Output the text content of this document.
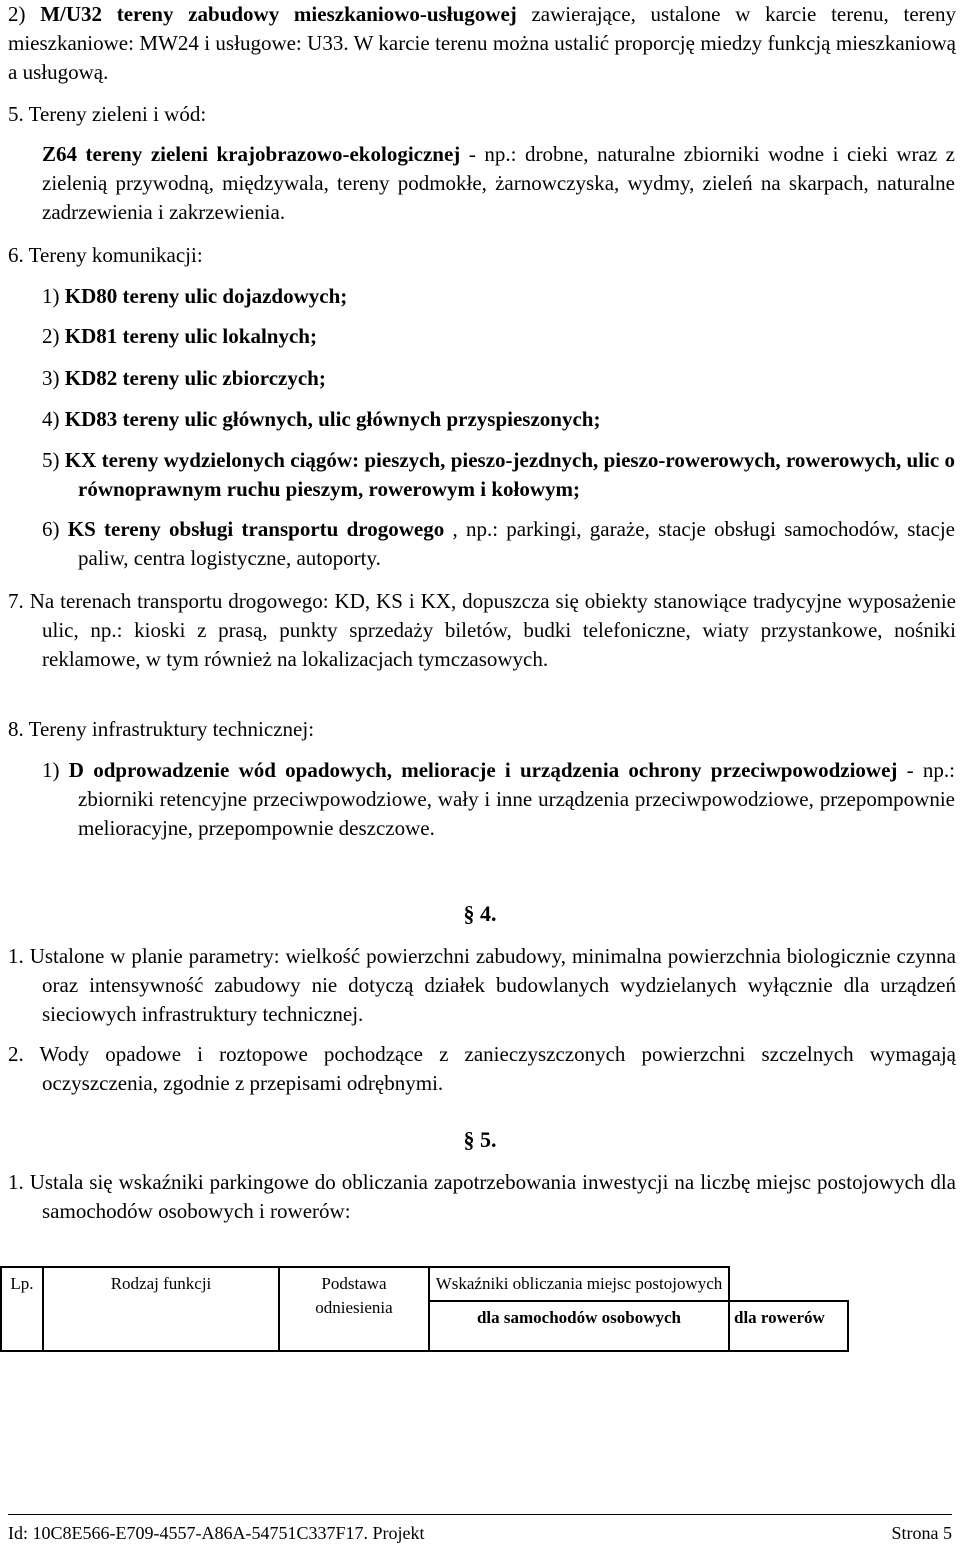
2) M/U32 tereny zabudowy mieszkaniowo-usługowej zawierające, ustalone w karcie terenu, tereny mieszkaniowe: MW24 i usługowe: U33. W karcie terenu można ustalić proporcję miedzy funkcją mieszkaniową a usługową.
5. Tereny zieleni i wód:
Z64 tereny zieleni krajobrazowo-ekologicznej - np.: drobne, naturalne zbiorniki wodne i cieki wraz z zielenią przywodną, międzywala, tereny podmokłe, żarnowczyska, wydmy, zieleń na skarpach, naturalne zadrzewienia i zakrzewienia.
6. Tereny komunikacji:
1) KD80 tereny ulic dojazdowych;
2) KD81 tereny ulic lokalnych;
3) KD82 tereny ulic zbiorczych;
4) KD83 tereny ulic głównych, ulic głównych przyspieszonych;
5) KX tereny wydzielonych ciągów: pieszych, pieszo-jezdnych, pieszo-rowerowych, rowerowych, ulic o równoprawnym ruchu pieszym, rowerowym i kołowym;
6) KS tereny obsługi transportu drogowego , np.: parkingi, garaże, stacje obsługi samochodów, stacje paliw, centra logistyczne, autoporty.
7. Na terenach transportu drogowego: KD, KS i KX, dopuszcza się obiekty stanowiące tradycyjne wyposażenie ulic, np.: kioski z prasą, punkty sprzedaży biletów, budki telefoniczne, wiaty przystankowe, nośniki reklamowe, w tym również na lokalizacjach tymczasowych.
8. Tereny infrastruktury technicznej:
1) D odprowadzenie wód opadowych, melioracje i urządzenia ochrony przeciwpowodziowej - np.: zbiorniki retencyjne przeciwpowodziowe, wały i inne urządzenia przeciwpowodziowe, przepompownie melioracyjne, przepompownie deszczowe.
§ 4.
1. Ustalone w planie parametry: wielkość powierzchni zabudowy, minimalna powierzchnia biologicznie czynna oraz intensywność zabudowy nie dotyczą działek budowlanych wydzielanych wyłącznie dla urządzeń sieciowych infrastruktury technicznej.
2. Wody opadowe i roztopowe pochodzące z zanieczyszczonych powierzchni szczelnych wymagają oczyszczenia, zgodnie z przepisami odrębnymi.
§ 5.
1. Ustala się wskaźniki parkingowe do obliczania zapotrzebowania inwestycji na liczbę miejsc postojowych dla samochodów osobowych i rowerów:
Lp.	Rodzaj funkcji	Podstawa odniesienia	Wskaźniki obliczania miejsc postojowych	
			dla samochodów osobowych	dla rowerów
Id: 10C8E566-E709-4557-A86A-54751C337F17. Projekt	Strona 5
